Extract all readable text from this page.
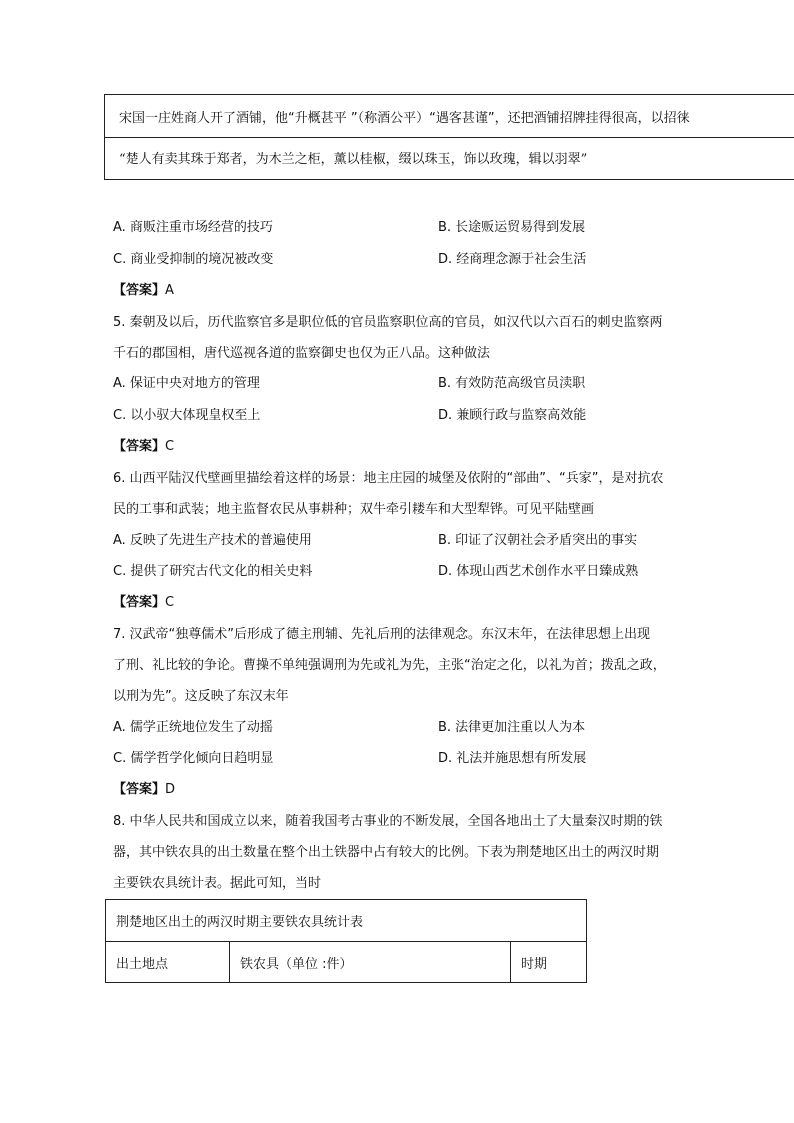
宋国一庄姓商人开了酒铺，他“升概甚平 ”（称酒公平）“遇客甚谨”，还把酒铺招牌挂得很高，以招徕
“楚人有卖其珠于郑者，为木兰之柜，薰以桂椒，缀以珠玉，饰以玫瑰，辑以羽翠”
A. 商贩注重市场经营的技巧	B. 长途贩运贸易得到发展
C. 商业受抑制的境况被改变	D. 经商理念源于社会生活
【答案】A
5. 秦朝及以后，历代监察官多是职位低的官员监察职位高的官员，如汉代以六百石的刺史监察两
千石的郡国相，唐代巡视各道的监察御史也仅为正八品。这种做法
A. 保证中央对地方的管理	B. 有效防范高级官员渎职
C. 以小驭大体现皇权至上	D. 兼顾行政与监察高效能
【答案】C
6. 山西平陆汉代壁画里描绘着这样的场景：地主庄园的城堡及依附的“部曲”、“兵家”，是对抗农
民的工事和武装；地主监督农民从事耕种；双牛牵引耧车和大型犁铧。可见平陆壁画
A. 反映了先进生产技术的普遍使用	B. 印证了汉朝社会矛盾突出的事实
C. 提供了研究古代文化的相关史料	D. 体现山西艺术创作水平日臻成熟
【答案】C
7. 汉武帝“独尊儒术”后形成了德主刑辅、先礼后刑的法律观念。东汉末年，在法律思想上出现
了刑、礼比较的争论。曹操不单纯强调刑为先或礼为先，主张“治定之化，以礼为首；拨乱之政，
以刑为先”。这反映了东汉末年
A. 儒学正统地位发生了动摇	B. 法律更加注重以人为本
C. 儒学哲学化倾向日趋明显	D. 礼法并施思想有所发展
【答案】D
8. 中华人民共和国成立以来，随着我国考古事业的不断发展，全国各地出土了大量秦汉时期的铁
器，其中铁农具的出土数量在整个出土铁器中占有较大的比例。下表为荆楚地区出土的两汉时期
主要铁农具统计表。据此可知，当时
荆楚地区出土的两汉时期主要铁农具统计表
出土地点	铁农具（单位 :件）	时期
